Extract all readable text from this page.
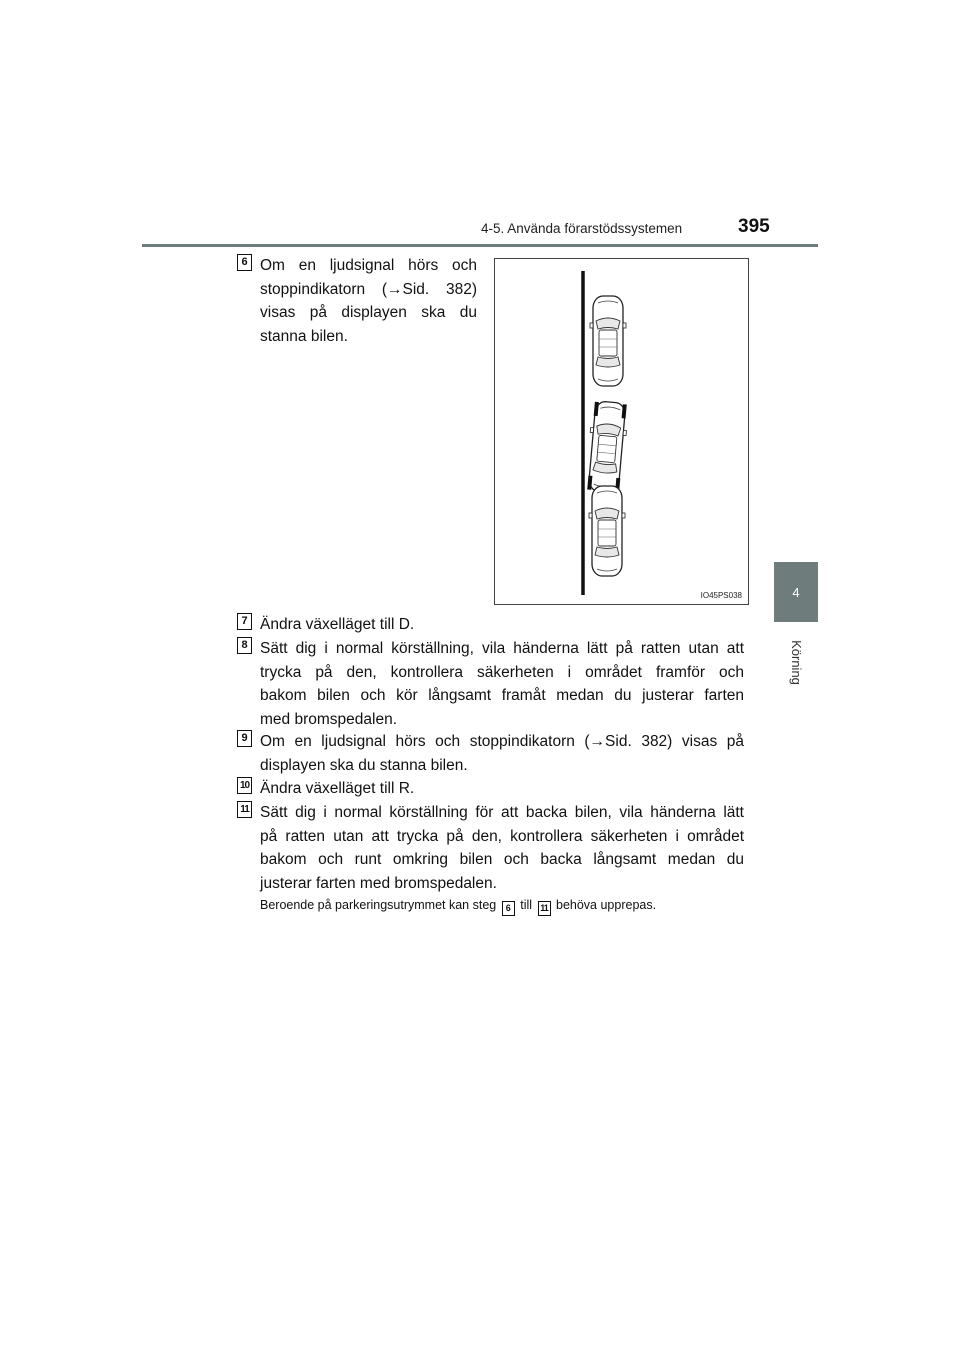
4-5. Använda förarstödssystemen	395
4
Körning
IO45PS038
6 Om en ljudsignal hörs och
stoppindikatorn (→Sid. 382)
visas på displayen ska du
stanna bilen.
7 Ändra växelläget till D.
8 Sätt dig i normal körställning, vila händerna lätt på ratten utan att
trycka på den, kontrollera säkerheten i området framför och
bakom bilen och kör långsamt framåt medan du justerar farten
med bromspedalen.
9 Om en ljudsignal hörs och stoppindikatorn (→Sid. 382) visas på
displayen ska du stanna bilen.
10 Ändra växelläget till R.
11 Sätt dig i normal körställning för att backa bilen, vila händerna lätt
på ratten utan att trycka på den, kontrollera säkerheten i området
bakom och runt omkring bilen och backa långsamt medan du
justerar farten med bromspedalen.
Beroende på parkeringsutrymmet kan steg 6 till 11 behöva upprepas.
